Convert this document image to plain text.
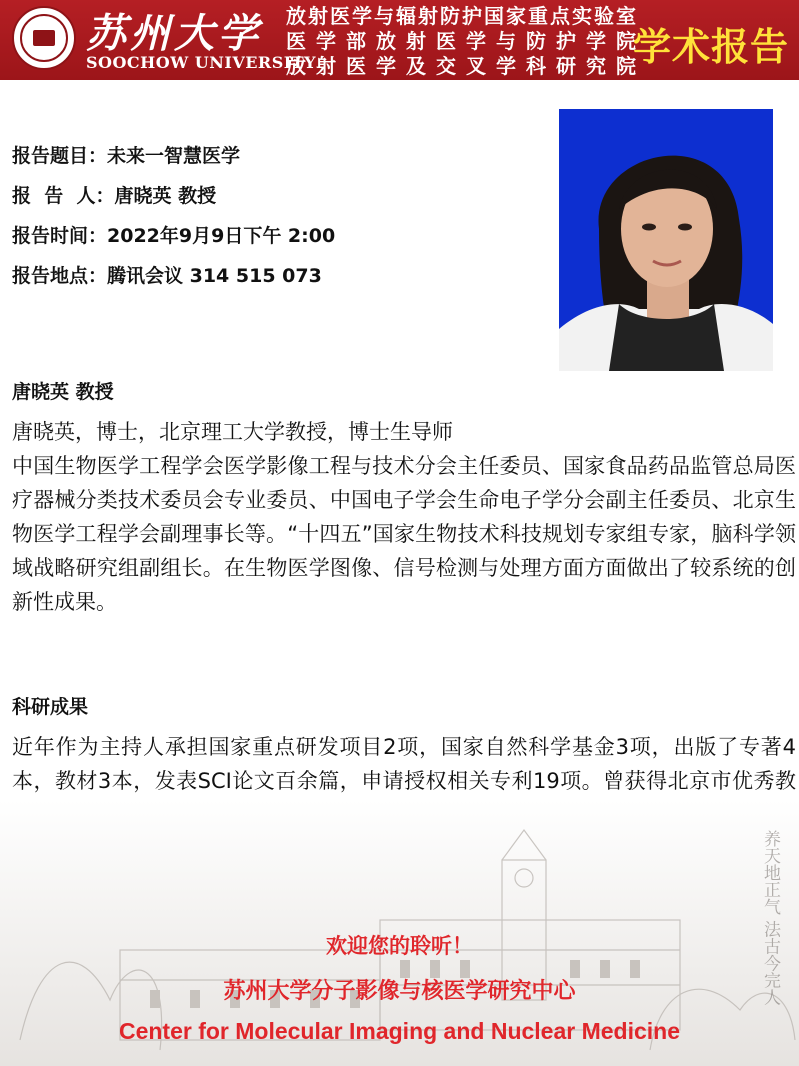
苏州大学
SOOCHOW UNIVERSITY
放射医学与辐射防护国家重点实验室
医学部放射医学与防护学院
放射医学及交叉学科研究院
学术报告
报告题目：未来一智慧医学
报  告  人：唐晓英 教授
报告时间：2022年9月9日下午 2:00
报告地点：腾讯会议 314 515 073
唐晓英 教授

唐晓英，博士，北京理工大学教授，博士生导师

中国生物医学工程学会医学影像工程与技术分会主任委员、国家食品药品监管总局医疗器械分类技术委员会专业委员、中国电子学会生命电子学分会副主任委员、北京生物医学工程学会副理事长等。“十四五”国家生物技术科技规划专家组专家，脑科学领域战略研究组副组长。在生物医学图像、信号检测与处理方面方面做出了较系统的创新性成果。

科研成果

近年作为主持人承担国家重点研发项目2项，国家自然科学基金3项，出版了专著4本，教材3本，发表SCI论文百余篇，申请授权相关专利19项。曾获得北京市优秀教

养天地正气 法古今完人
欢迎您的聆听！
苏州大学分子影像与核医学研究中心
Center for Molecular Imaging and Nuclear Medicine
